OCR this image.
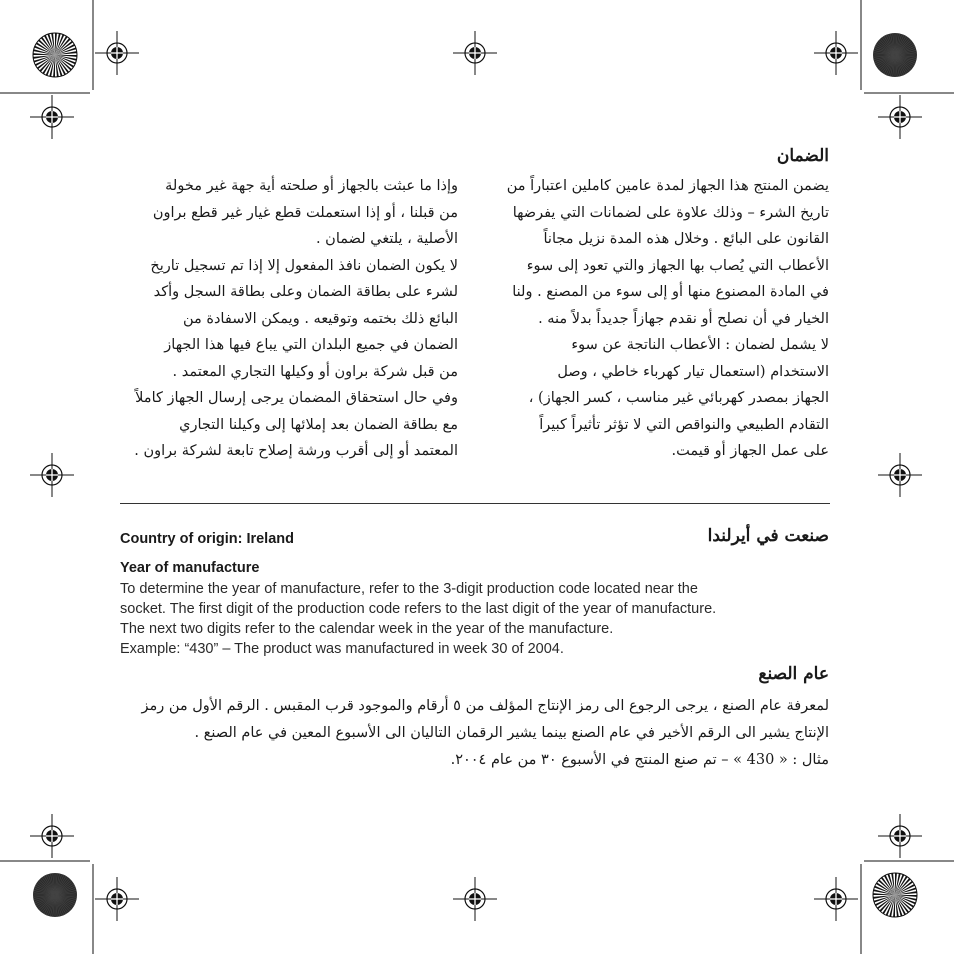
الضمان
يضمن المنتج هذا الجهاز لمدة عامين كاملين اعتباراً من
تاريخ الشرء – وذلك علاوة على لضمانات التي يفرضها
القانون على البائع . وخلال هذه المدة نزيل مجاناً
الأعطاب التي يُصاب بها الجهاز والتي تعود إلى سوء
في المادة المصنوع منها أو إلى سوء من المصنع . ولنا
الخيار في أن نصلح أو نقدم جهازاً جديداً بدلاً منه .
لا يشمل لضمان : الأعطاب الناتجة عن سوء
الاستخدام (استعمال تيار كهرباء خاطي ، وصل
الجهاز بمصدر كهربائي غير مناسب ، كسر الجهاز) ،
التقادم الطبيعي والنواقص التي لا تؤثر تأثيراً كبيراً
على عمل الجهاز أو قيمت.
وإذا ما عبثت بالجهاز أو صلحته أية جهة غير مخولة
من قبلنا ، أو إذا استعملت قطع غيار غير قطع براون
الأصلية ، يلتغي لضمان .
لا يكون الضمان نافذ المفعول إلا إذا تم تسجيل تاريخ
لشرء على بطاقة الضمان وعلى بطاقة السجل وأكد
البائع ذلك بختمه وتوقيعه . ويمكن الاسفادة من
الضمان في جميع البلدان التي يباع فيها هذا الجهاز
من قبل شركة براون أو وكيلها التجاري المعتمد .
وفي حال استحقاق المضمان يرجى إرسال الجهاز كاملاً
مع بطاقة الضمان بعد إملائها إلى وكيلنا التجاري
المعتمد أو إلى أقرب ورشة إصلاح تابعة لشركة براون .
Country of origin: Ireland	صنعت في أيرلندا
Year of manufacture
To determine the year of manufacture, refer to the 3-digit production code located near the
socket. The first digit of the production code refers to the last digit of the year of manufacture.
The next two digits refer to the calendar week in the year of the manufacture.
Example: “430” – The product was manufactured in week 30 of 2004.
عام الصنع
لمعرفة عام الصنع ، يرجى الرجوع الى رمز الإنتاج المؤلف من ٥ أرقام والموجود قرب المقبس . الرقم الأول من رمز
الإنتاج يشير الى الرقم الأخير في عام الصنع بينما يشير الرقمان التاليان الى الأسبوع المعين في عام الصنع .
مثال : « 430 » – تم صنع المنتج في الأسبوع ٣٠ من عام ٢٠٠٤.
